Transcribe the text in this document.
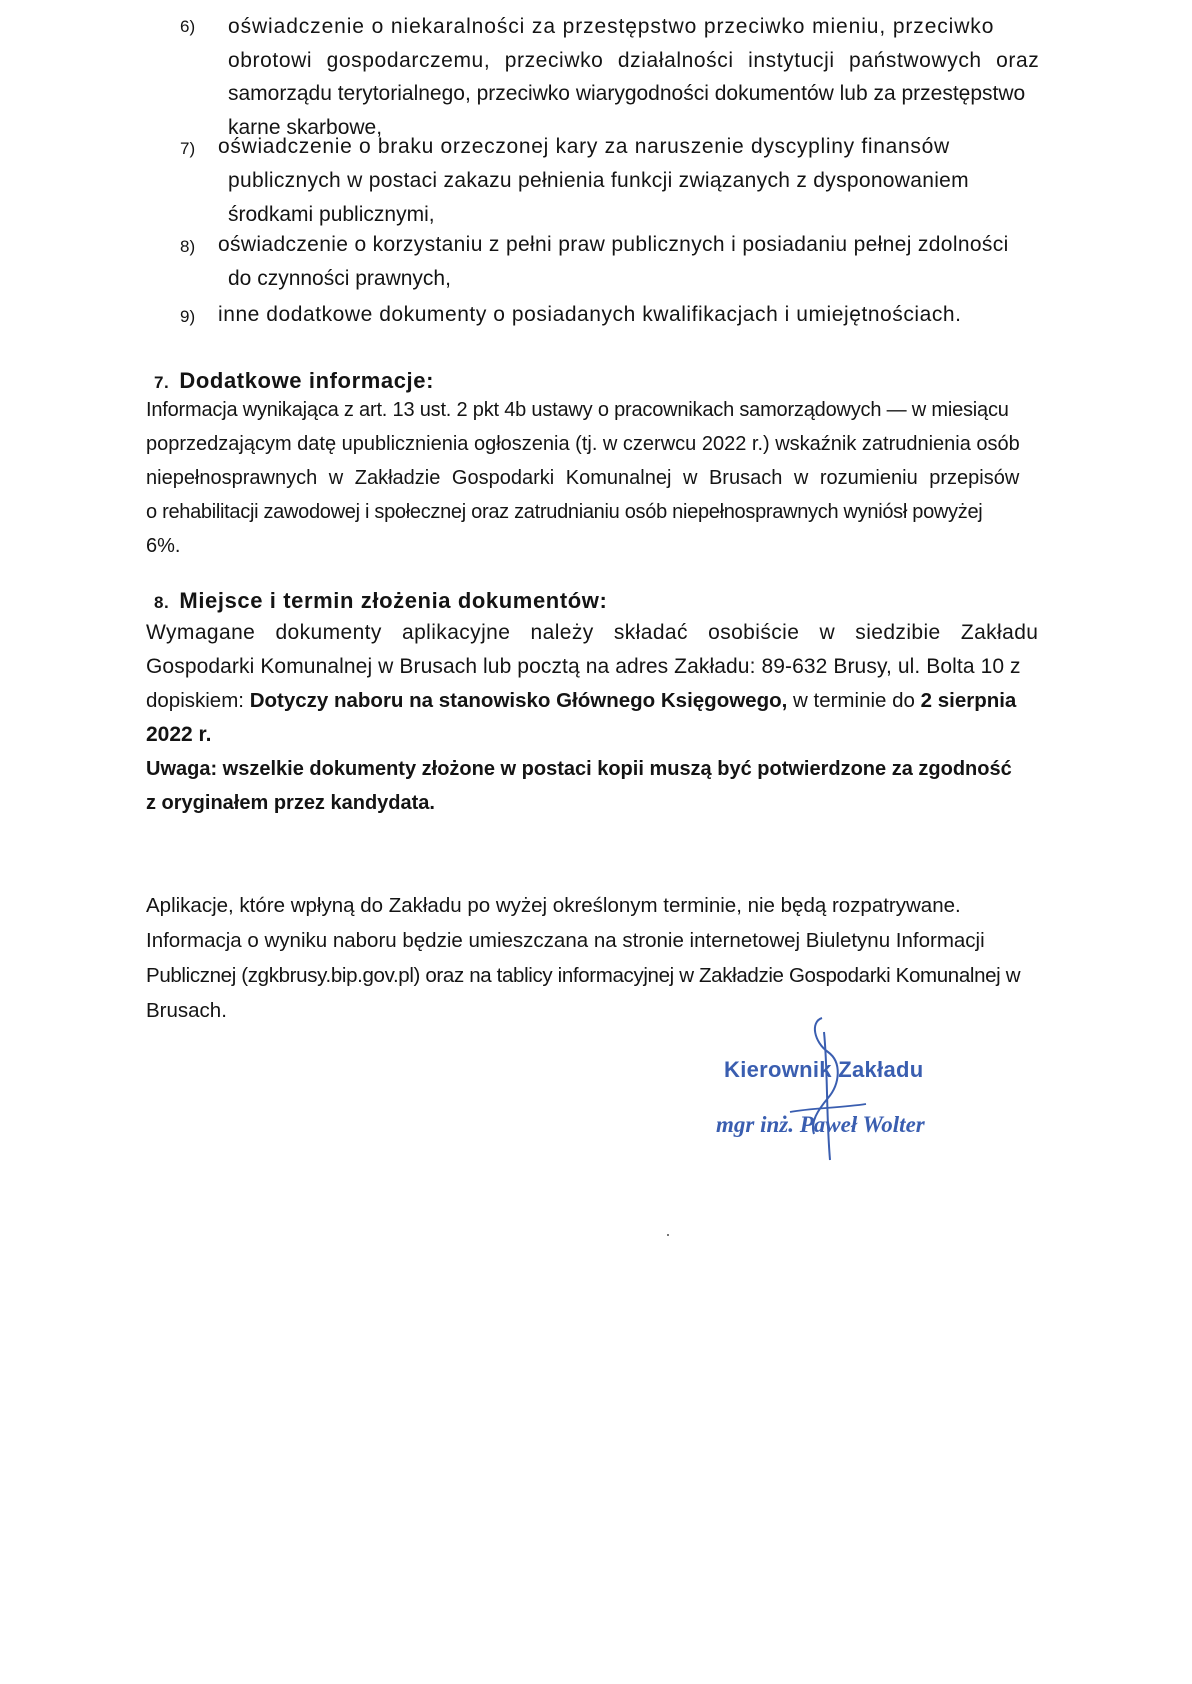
6) oświadczenie o niekaralności za przestępstwo przeciwko mieniu, przeciwko
obrotowi gospodarczemu, przeciwko działalności instytucji państwowych oraz
samorządu terytorialnego, przeciwko wiarygodności dokumentów lub za przestępstwo
karne skarbowe,
7) oświadczenie o braku orzeczonej kary za naruszenie dyscypliny finansów
publicznych w postaci zakazu pełnienia funkcji związanych z dysponowaniem
środkami publicznymi,
8) oświadczenie o korzystaniu z pełni praw publicznych i posiadaniu pełnej zdolności
do czynności prawnych,
9) inne dodatkowe dokumenty o posiadanych kwalifikacjach i umiejętnościach.
7. Dodatkowe informacje:
Informacja wynikająca z art. 13 ust. 2 pkt 4b ustawy o pracownikach samorządowych — w miesiącu
poprzedzającym datę upublicznienia ogłoszenia (tj. w czerwcu 2022 r.) wskaźnik zatrudnienia osób
niepełnosprawnych w Zakładzie Gospodarki Komunalnej w Brusach w rozumieniu przepisów
o rehabilitacji zawodowej i społecznej oraz zatrudnianiu osób niepełnosprawnych wyniósł powyżej
6%.
8. Miejsce i termin złożenia dokumentów:
Wymagane dokumenty aplikacyjne należy składać osobiście w siedzibie Zakładu
Gospodarki Komunalnej w Brusach lub pocztą na adres Zakładu: 89-632 Brusy, ul. Bolta 10 z
dopiskiem: Dotyczy naboru na stanowisko Głównego Księgowego, w terminie do 2 sierpnia
2022 r.
Uwaga: wszelkie dokumenty złożone w postaci kopii muszą być potwierdzone za zgodność
z oryginałem przez kandydata.
Aplikacje, które wpłyną do Zakładu po wyżej określonym terminie, nie będą rozpatrywane.
Informacja o wyniku naboru będzie umieszczana na stronie internetowej Biuletynu Informacji
Publicznej (zgkbrusy.bip.gov.pl) oraz na tablicy informacyjnej w Zakładzie Gospodarki Komunalnej w
Brusach.
Kierownik Zakładu
mgr inż. Paweł Wolter
